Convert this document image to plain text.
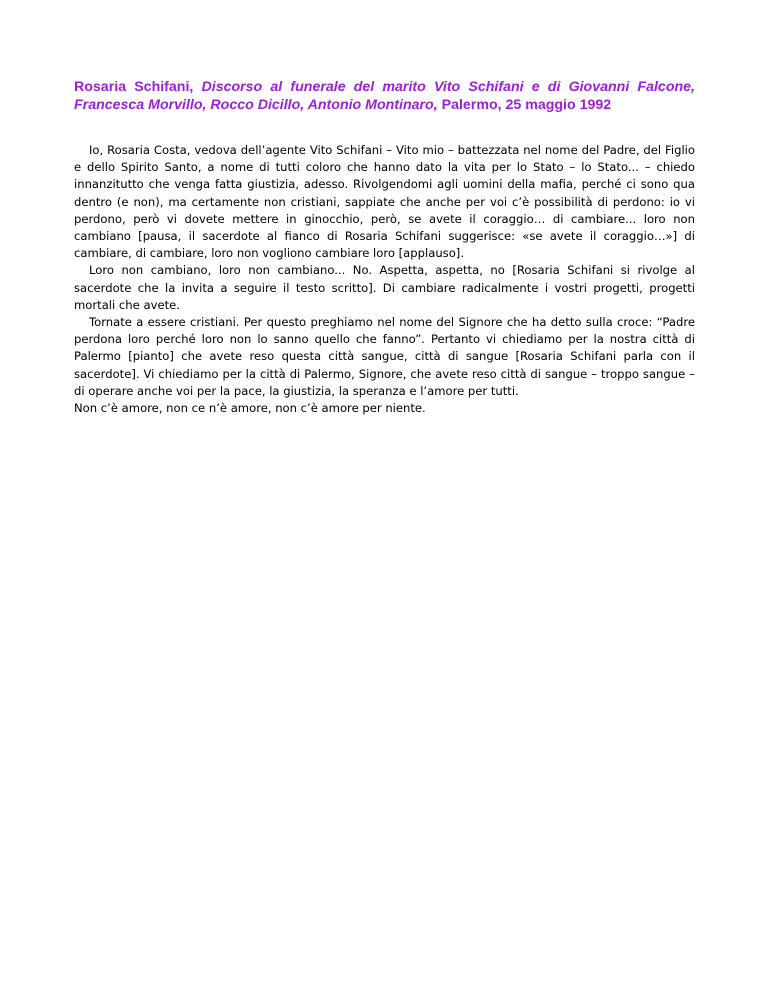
Rosaria Schifani, Discorso al funerale del marito Vito Schifani e di Giovanni Falcone, Francesca Morvillo, Rocco Dicillo, Antonio Montinaro, Palermo, 25 maggio 1992

Io, Rosaria Costa, vedova dell’agente Vito Schifani – Vito mio – battezzata nel nome del Padre, del Figlio e dello Spirito Santo, a nome di tutti coloro che hanno dato la vita per lo Stato – lo Stato... – chiedo innanzitutto che venga fatta giustizia, adesso. Rivolgendomi agli uomini della mafia, perché ci sono qua dentro (e non), ma certamente non cristiani, sappiate che anche per voi c’è possibilità di perdono: io vi perdono, però vi dovete mettere in ginocchio, però, se avete il coraggio… di cambiare... loro non cambiano [pausa, il sacerdote al fianco di Rosaria Schifani suggerisce: «se avete il coraggio…»] di cambiare, di cambiare, loro non vogliono cambiare loro [applauso].

Loro non cambiano, loro non cambiano... No. Aspetta, aspetta, no [Rosaria Schifani si rivolge al sacerdote che la invita a seguire il testo scritto]. Di cambiare radicalmente i vostri progetti, progetti mortali che avete.

Tornate a essere cristiani. Per questo preghiamo nel nome del Signore che ha detto sulla croce: “Padre perdona loro perché loro non lo sanno quello che fanno”. Pertanto vi chiediamo per la nostra città di Palermo [pianto] che avete reso questa città sangue, città di sangue [Rosaria Schifani parla con il sacerdote]. Vi chiediamo per la città di Palermo, Signore, che avete reso città di sangue – troppo sangue – di operare anche voi per la pace, la giustizia, la speranza e l’amore per tutti.

Non c’è amore, non ce n’è amore, non c’è amore per niente.
